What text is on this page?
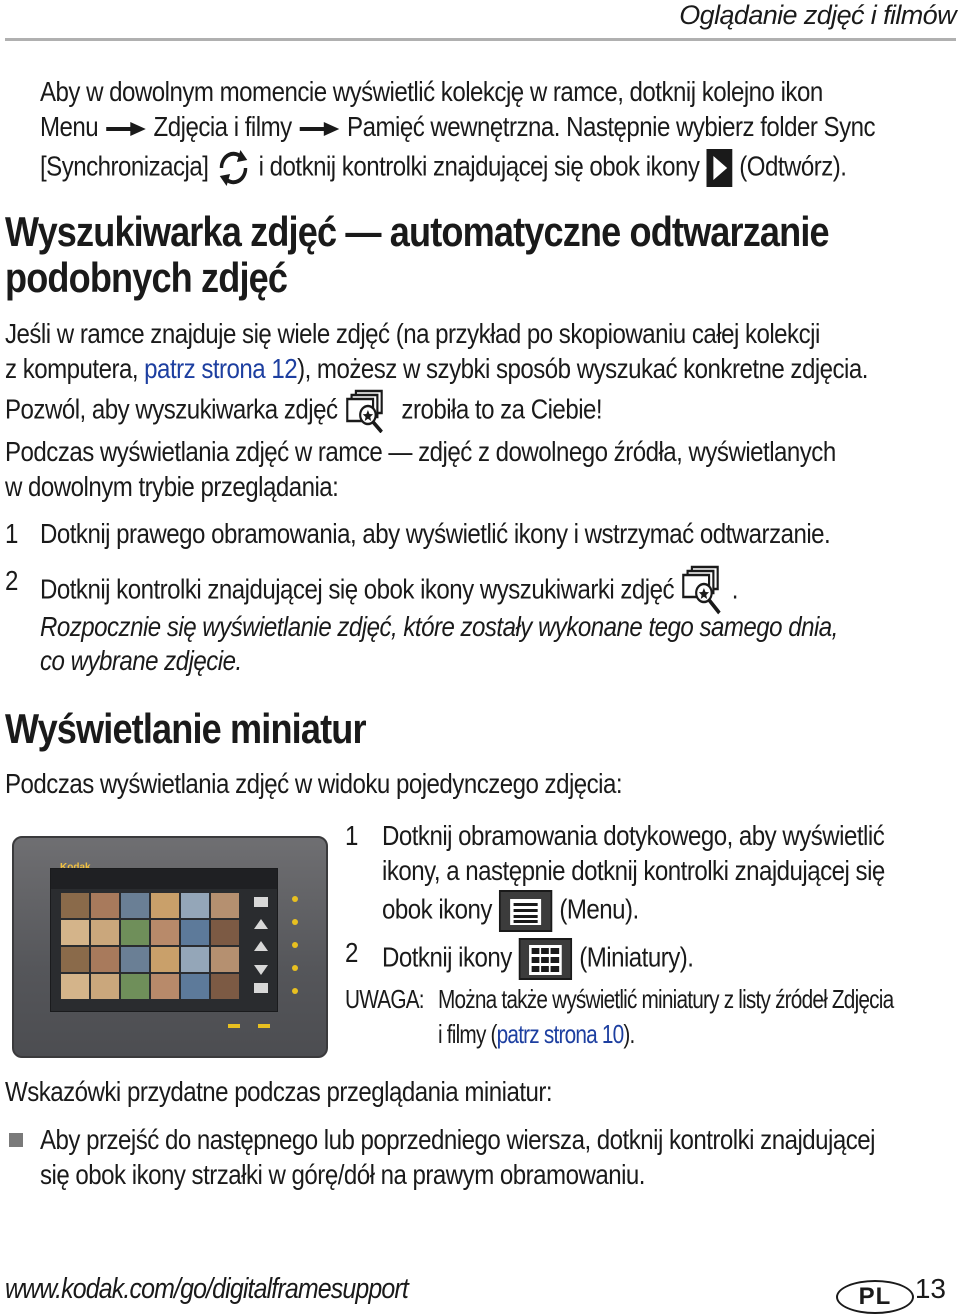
Oglądanie zdjęć i filmów
Aby w dowolnym momencie wyświetlić kolekcję w ramce, dotknij kolejno ikon
Menu Zdjęcia i filmy Pamięć wewnętrzna. Następnie wybierz folder Sync
[Synchronizacja] i dotknij kontrolki znajdującej się obok ikony (Odtwórz).
Wyszukiwarka zdjęć — automatyczne odtwarzanie
podobnych zdjęć
Jeśli w ramce znajduje się wiele zdjęć (na przykład po skopiowaniu całej kolekcji
z komputera, patrz strona 12), możesz w szybki sposób wyszukać konkretne zdjęcia.
Pozwól, aby wyszukiwarka zdjęć zrobiła to za Ciebie!
Podczas wyświetlania zdjęć w ramce — zdjęć z dowolnego źródła, wyświetlanych
w dowolnym trybie przeglądania:
1 Dotknij prawego obramowania, aby wyświetlić ikony i wstrzymać odtwarzanie.
2 Dotknij kontrolki znajdującej się obok ikony wyszukiwarki zdjęć .
Rozpocznie się wyświetlanie zdjęć, które zostały wykonane tego samego dnia,
co wybrane zdjęcie.
Wyświetlanie miniatur
Podczas wyświetlania zdjęć w widoku pojedynczego zdjęcia:
1 Dotknij obramowania dotykowego, aby wyświetlić
ikony, a następnie dotknij kontrolki znajdującej się
obok ikony (Menu).
2 Dotknij ikony (Miniatury).
UWAGA: Można także wyświetlić miniatury z listy źródeł Zdjęcia
i filmy (patrz strona 10).
Wskazówki przydatne podczas przeglądania miniatur:
Aby przejść do następnego lub poprzedniego wiersza, dotknij kontrolki znajdującej
się obok ikony strzałki w górę/dół na prawym obramowaniu.
www.kodak.com/go/digitalframesupport	PL 13
